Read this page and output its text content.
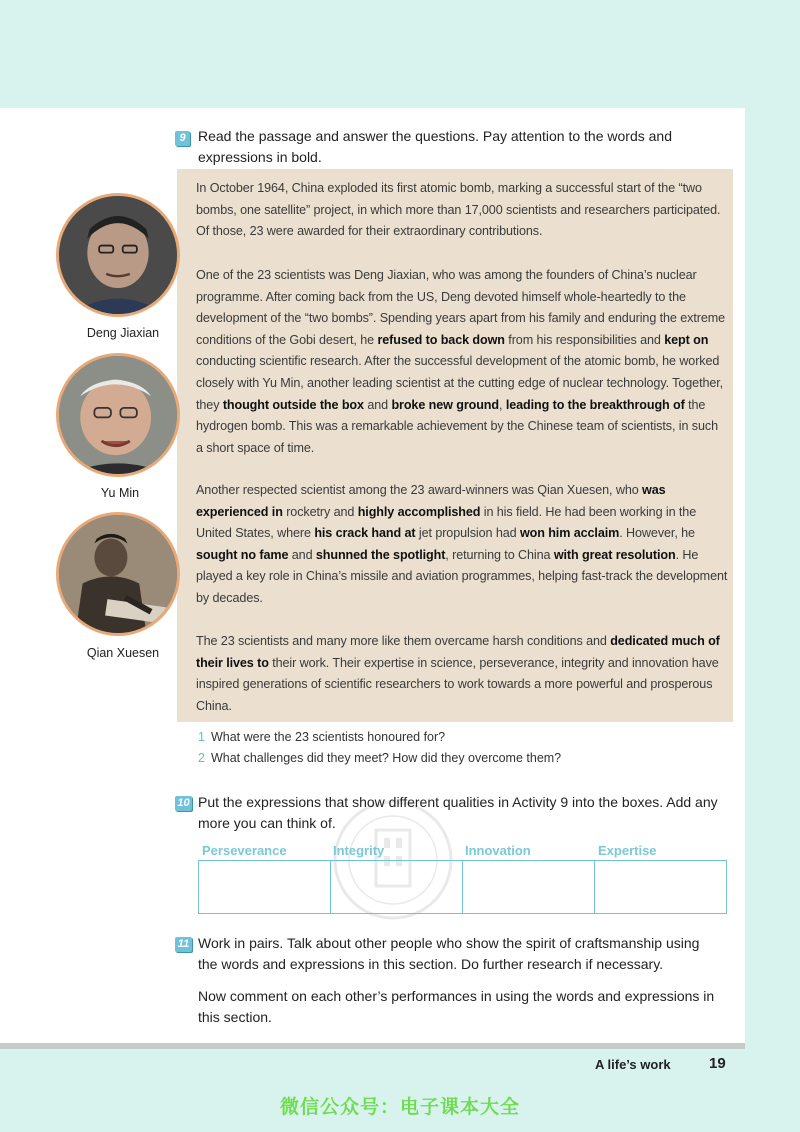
9 Read the passage and answer the questions. Pay attention to the words and expressions in bold.
In October 1964, China exploded its first atomic bomb, marking a successful start of the “two bombs, one satellite” project, in which more than 17,000 scientists and researchers participated. Of those, 23 were awarded for their extraordinary contributions.
One of the 23 scientists was Deng Jiaxian, who was among the founders of China’s nuclear programme. After coming back from the US, Deng devoted himself whole-heartedly to the development of the “two bombs”. Spending years apart from his family and enduring the extreme conditions of the Gobi desert, he refused to back down from his responsibilities and kept on conducting scientific research. After the successful development of the atomic bomb, he worked closely with Yu Min, another leading scientist at the cutting edge of nuclear technology. Together, they thought outside the box and broke new ground, leading to the breakthrough of the hydrogen bomb. This was a remarkable achievement by the Chinese team of scientists, in such a short space of time.
Another respected scientist among the 23 award-winners was Qian Xuesen, who was experienced in rocketry and highly accomplished in his field. He had been working in the United States, where his crack hand at jet propulsion had won him acclaim. However, he sought no fame and shunned the spotlight, returning to China with great resolution. He played a key role in China’s missile and aviation programmes, helping fast-track the development by decades.
The 23 scientists and many more like them overcame harsh conditions and dedicated much of their lives to their work. Their expertise in science, perseverance, integrity and innovation have inspired generations of scientific researchers to work towards a more powerful and prosperous China.
Deng Jiaxian
Yu Min
Qian Xuesen
1 What were the 23 scientists honoured for?
2 What challenges did they meet? How did they overcome them?
10 Put the expressions that show different qualities in Activity 9 into the boxes. Add any more you can think of.
Perseverance	Integrity	Innovation	Expertise
11 Work in pairs. Talk about other people who show the spirit of craftsmanship using the words and expressions in this section. Do further research if necessary.
Now comment on each other’s performances in using the words and expressions in this section.
A life’s work	19
微信公众号：电子课本大全
